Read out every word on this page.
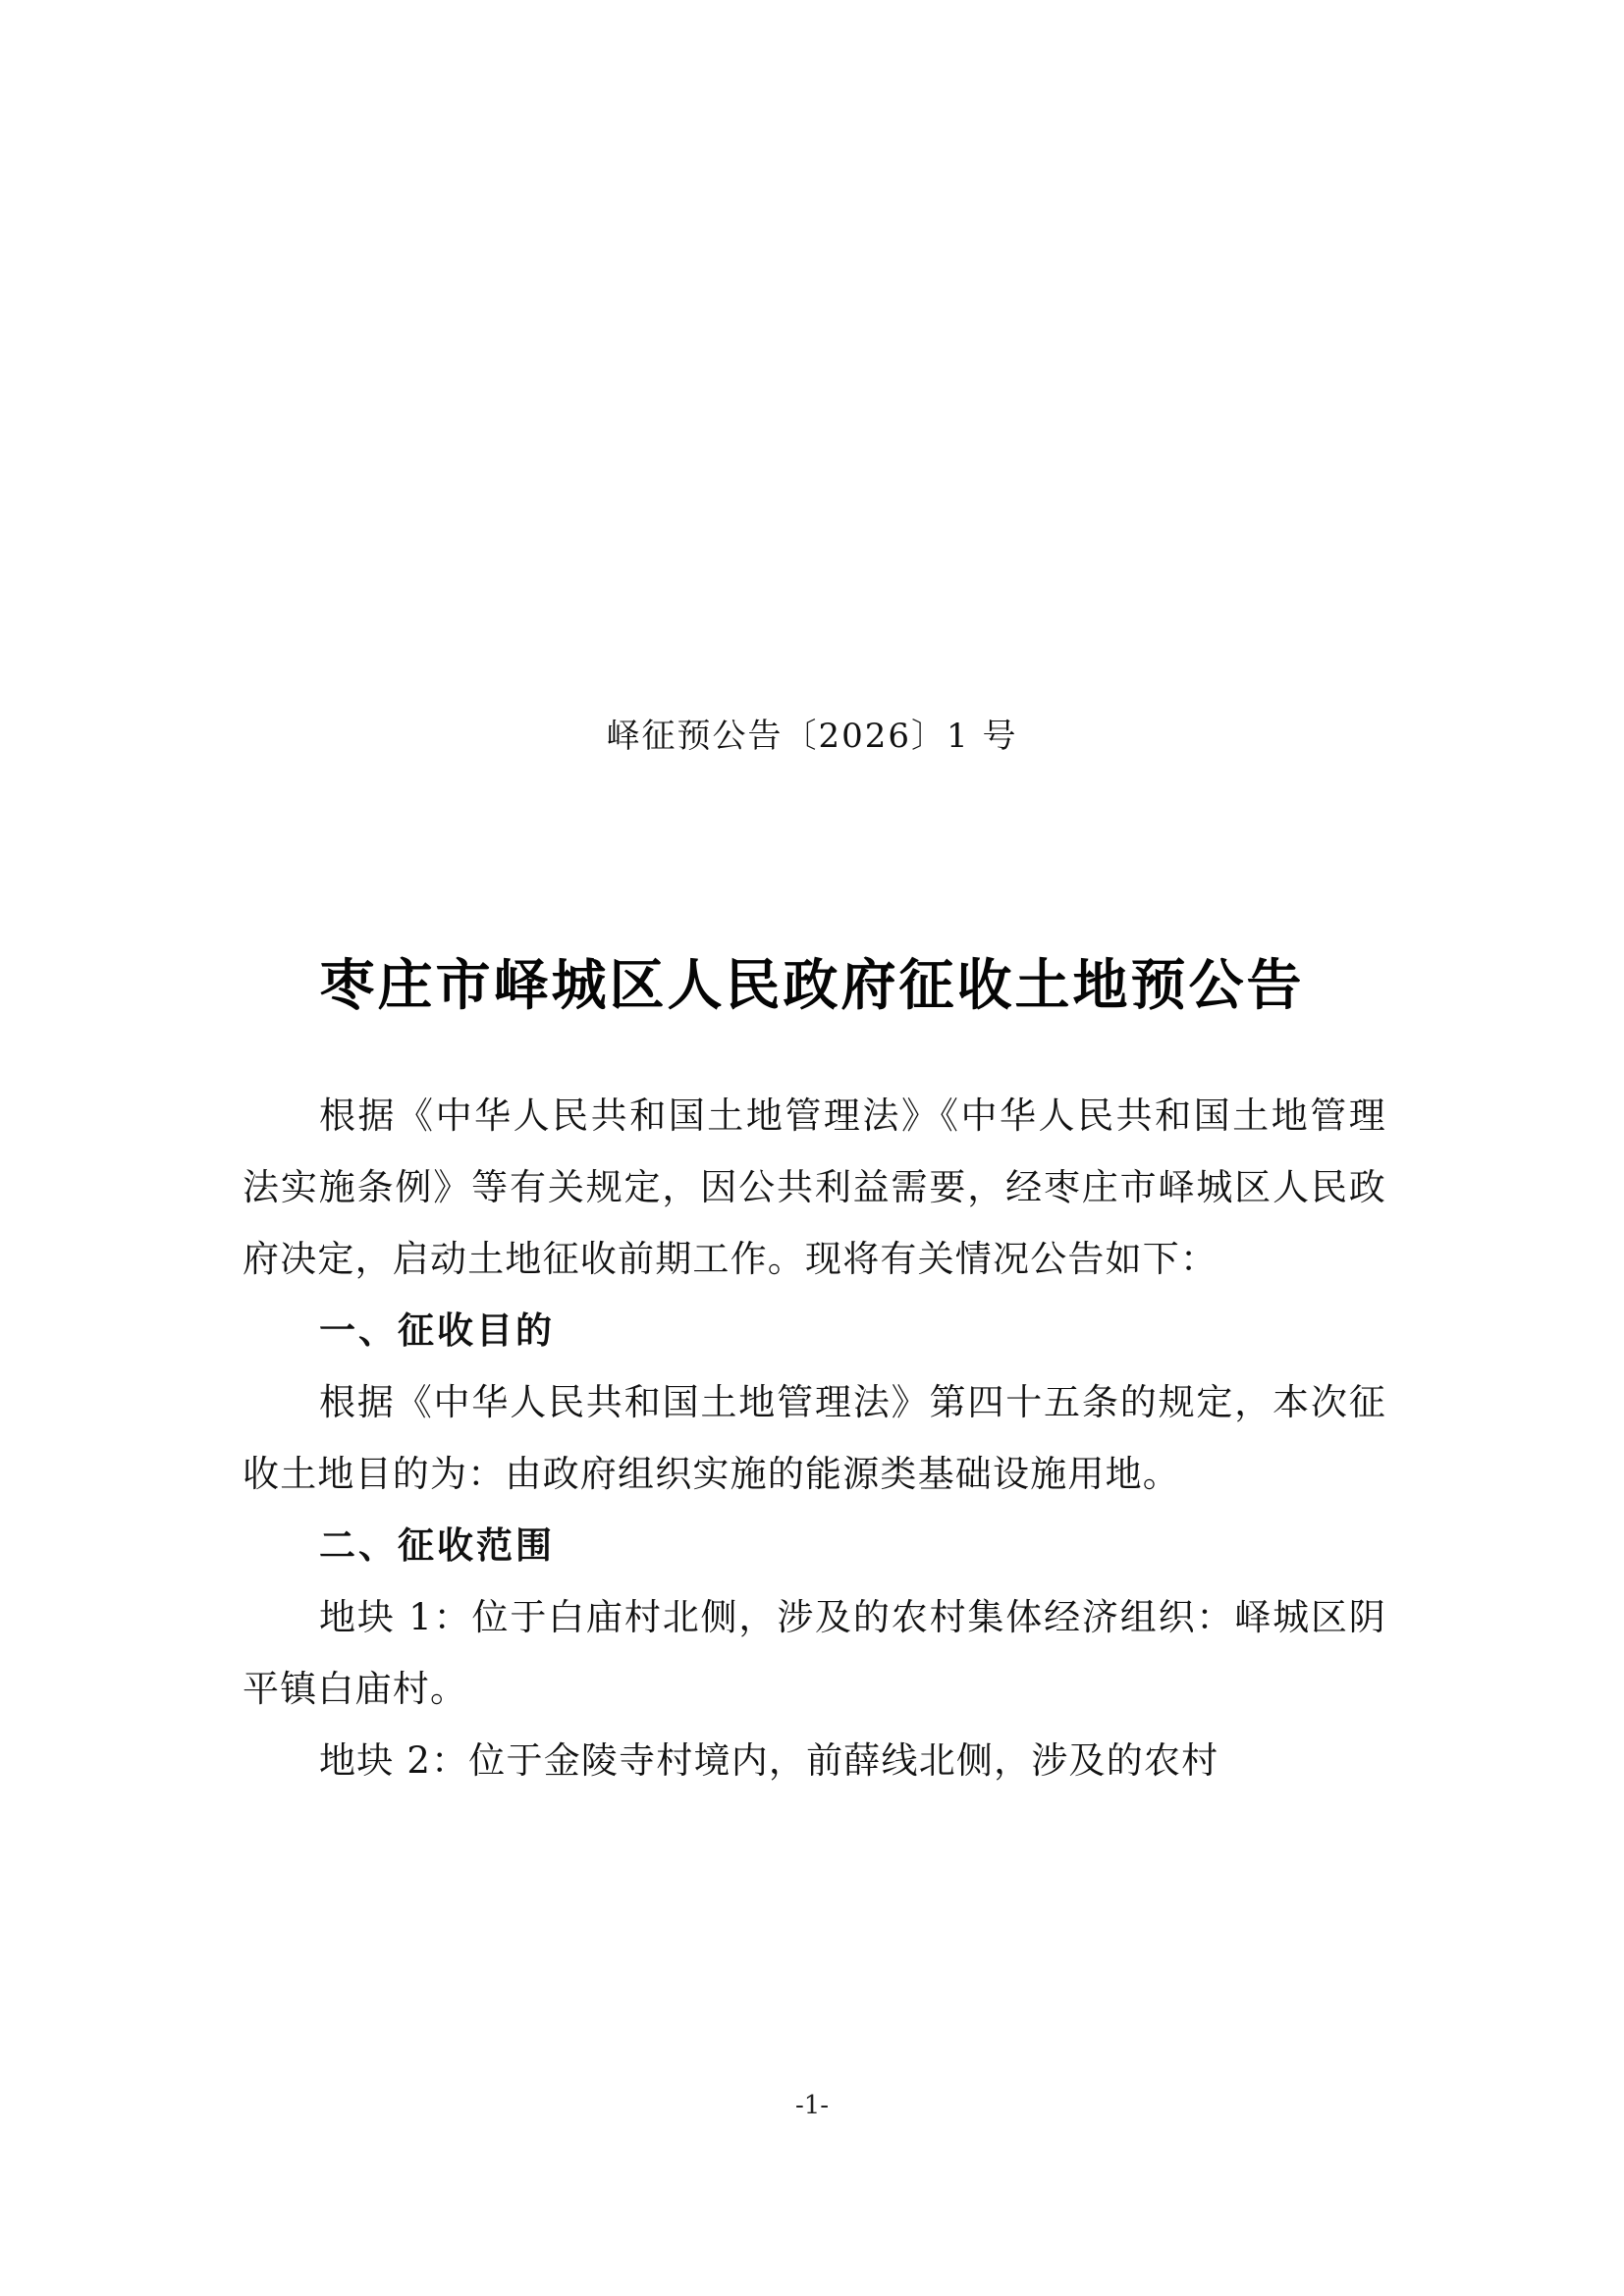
峄征预公告〔2026〕1 号
枣庄市峄城区人民政府征收土地预公告

根据《中华人民共和国土地管理法》《中华人民共和国土地管理法实施条例》等有关规定，因公共利益需要，经枣庄市峄城区人民政府决定，启动土地征收前期工作。现将有关情况公告如下：

一、征收目的

根据《中华人民共和国土地管理法》第四十五条的规定，本次征收土地目的为：由政府组织实施的能源类基础设施用地。

二、征收范围

地块 1：位于白庙村北侧，涉及的农村集体经济组织：峄城区阴平镇白庙村。

地块 2：位于金陵寺村境内，前薛线北侧，涉及的农村

-1-
